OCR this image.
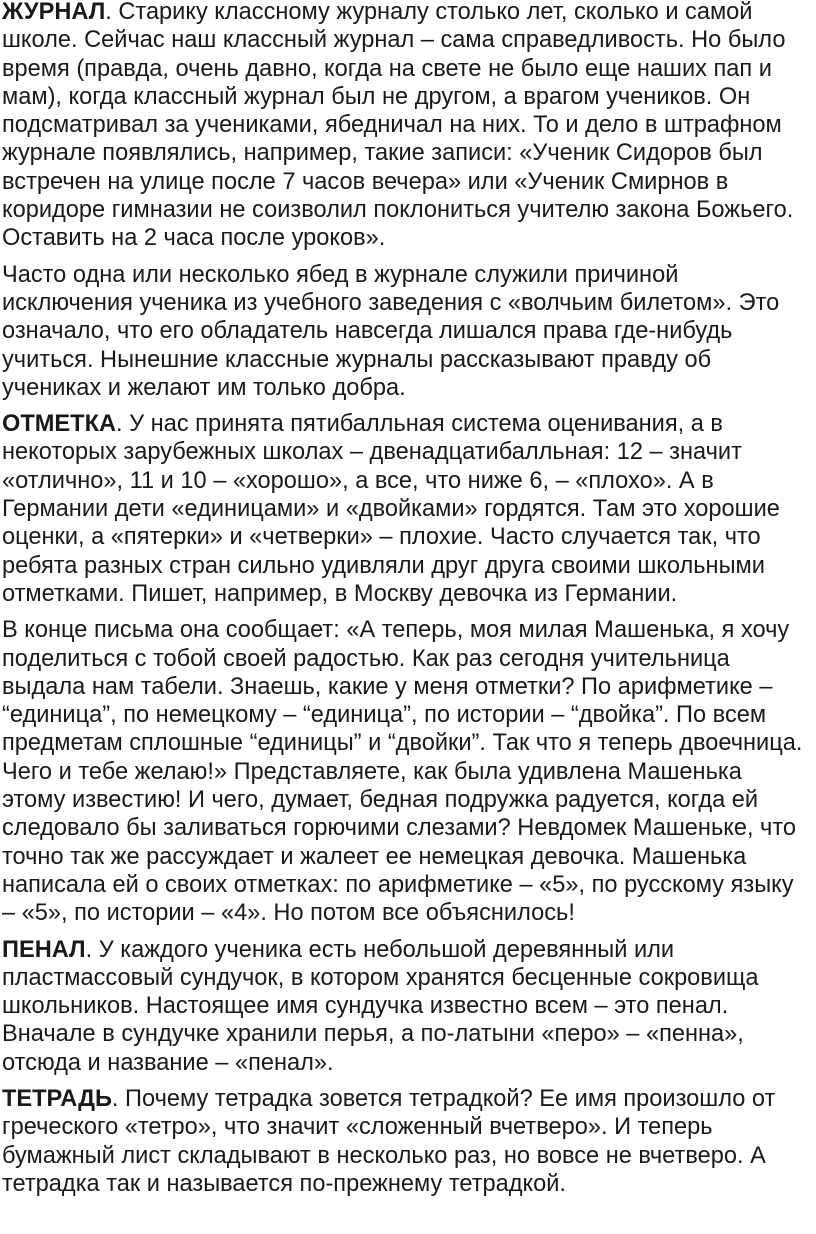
ЖУРНАЛ. Старику классному журналу столько лет, сколько и самой школе. Сейчас наш классный журнал – сама справедливость. Но было время (правда, очень давно, когда на свете не было еще наших пап и мам), когда классный журнал был не другом, а врагом учеников. Он подсматривал за учениками, ябедничал на них. То и дело в штрафном журнале появлялись, например, такие записи: «Ученик Сидоров был встречен на улице после 7 часов вечера» или «Ученик Смирнов в коридоре гимназии не соизволил поклониться учителю закона Божьего. Оставить на 2 часа после уроков».

Часто одна или несколько ябед в журнале служили причиной исключения ученика из учебного заведения с «волчьим билетом». Это означало, что его обладатель навсегда лишался права где-нибудь учиться. Нынешние классные журналы рассказывают правду об учениках и желают им только добра.

ОТМЕТКА. У нас принята пятибалльная система оценивания, а в некоторых зарубежных школах – двенадцатибалльная: 12 – значит «отлично», 11 и 10 – «хорошо», а все, что ниже 6, – «плохо». А в Германии дети «единицами» и «двойками» гордятся. Там это хорошие оценки, а «пятерки» и «четверки» – плохие. Часто случается так, что ребята разных стран сильно удивляли друг друга своими школьными отметками. Пишет, например, в Москву девочка из Германии.

В конце письма она сообщает: «А теперь, моя милая Машенька, я хочу поделиться с тобой своей радостью. Как раз сегодня учительница выдала нам табели. Знаешь, какие у меня отметки? По арифметике – “единица”, по немецкому – “единица”, по истории – “двойка”. По всем предметам сплошные “единицы” и “двойки”. Так что я теперь двоечница. Чего и тебе желаю!» Представляете, как была удивлена Машенька этому известию! И чего, думает, бедная подружка радуется, когда ей следовало бы заливаться горючими слезами? Невдомек Машеньке, что точно так же рассуждает и жалеет ее немецкая девочка. Машенька написала ей о своих отметках: по арифметике – «5», по русскому языку – «5», по истории – «4». Но потом все объяснилось!

ПЕНАЛ. У каждого ученика есть небольшой деревянный или пластмассовый сундучок, в котором хранятся бесценные сокровища школьников. Настоящее имя сундучка известно всем – это пенал. Вначале в сундучке хранили перья, а по-латыни «перо» – «пенна», отсюда и название – «пенал».

ТЕТРАДЬ. Почему тетрадка зовется тетрадкой? Ее имя произошло от греческого «тетро», что значит «сложенный вчетверо». И теперь бумажный лист складывают в несколько раз, но вовсе не вчетверо. А тетрадка так и называется по-прежнему тетрадкой.
